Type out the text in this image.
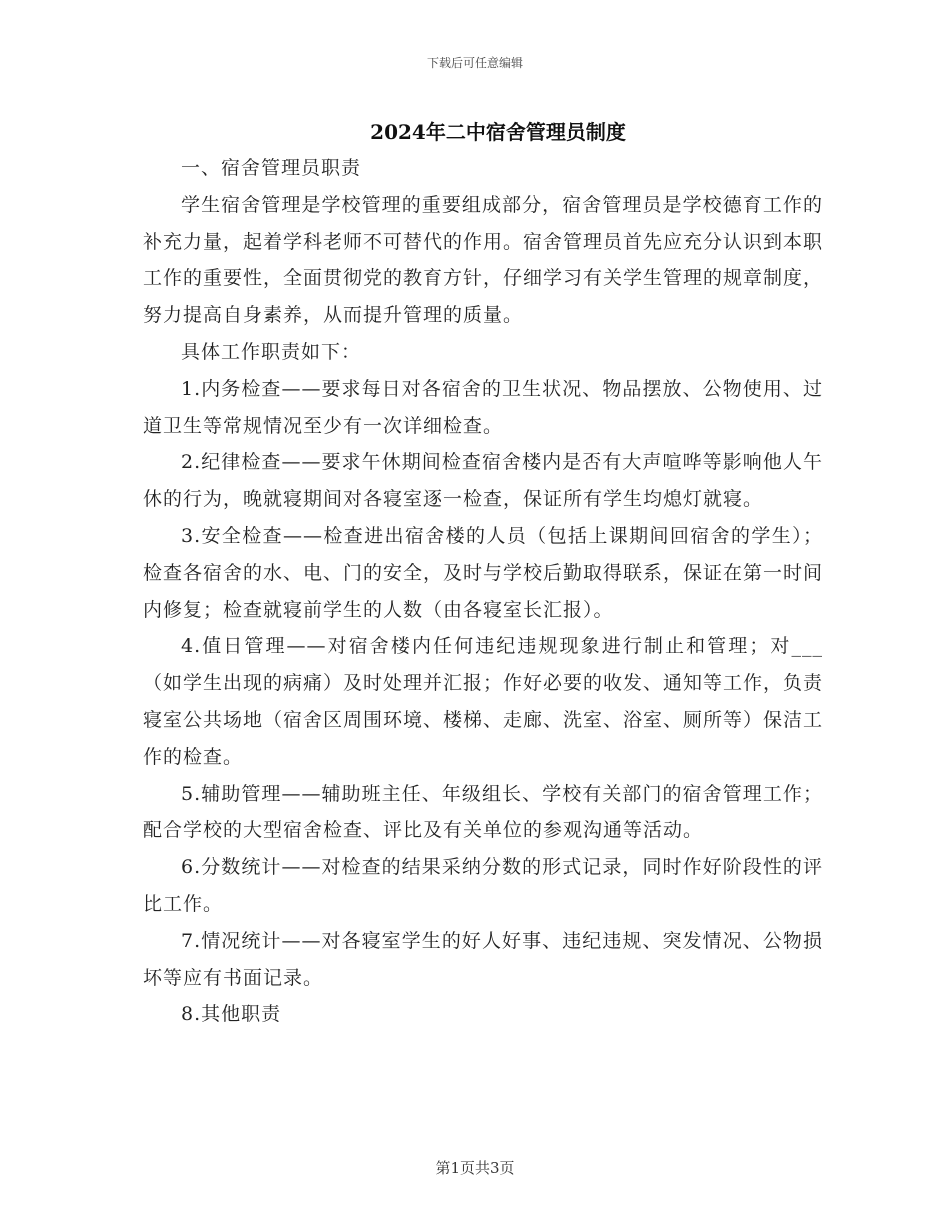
下载后可任意编辑
2024年二中宿舍管理员制度

一、宿舍管理员职责

学生宿舍管理是学校管理的重要组成部分，宿舍管理员是学校德育工作的补充力量，起着学科老师不可替代的作用。宿舍管理员首先应充分认识到本职工作的重要性，全面贯彻党的教育方针，仔细学习有关学生管理的规章制度，努力提高自身素养，从而提升管理的质量。

具体工作职责如下：

1.内务检查——要求每日对各宿舍的卫生状况、物品摆放、公物使用、过道卫生等常规情况至少有一次详细检查。

2.纪律检查——要求午休期间检查宿舍楼内是否有大声喧哗等影响他人午休的行为，晚就寝期间对各寝室逐一检查，保证所有学生均熄灯就寝。

3.安全检查——检查进出宿舍楼的人员（包括上课期间回宿舍的学生）；检查各宿舍的水、电、门的安全，及时与学校后勤取得联系，保证在第一时间内修复；检查就寝前学生的人数（由各寝室长汇报）。

4.值日管理——对宿舍楼内任何违纪违规现象进行制止和管理；对___（如学生出现的病痛）及时处理并汇报；作好必要的收发、通知等工作，负责寝室公共场地（宿舍区周围环境、楼梯、走廊、洗室、浴室、厕所等）保洁工作的检查。

5.辅助管理——辅助班主任、年级组长、学校有关部门的宿舍管理工作；配合学校的大型宿舍检查、评比及有关单位的参观沟通等活动。

6.分数统计——对检查的结果采纳分数的形式记录，同时作好阶段性的评比工作。

7.情况统计——对各寝室学生的好人好事、违纪违规、突发情况、公物损坏等应有书面记录。

8.其他职责

第1页共3页
